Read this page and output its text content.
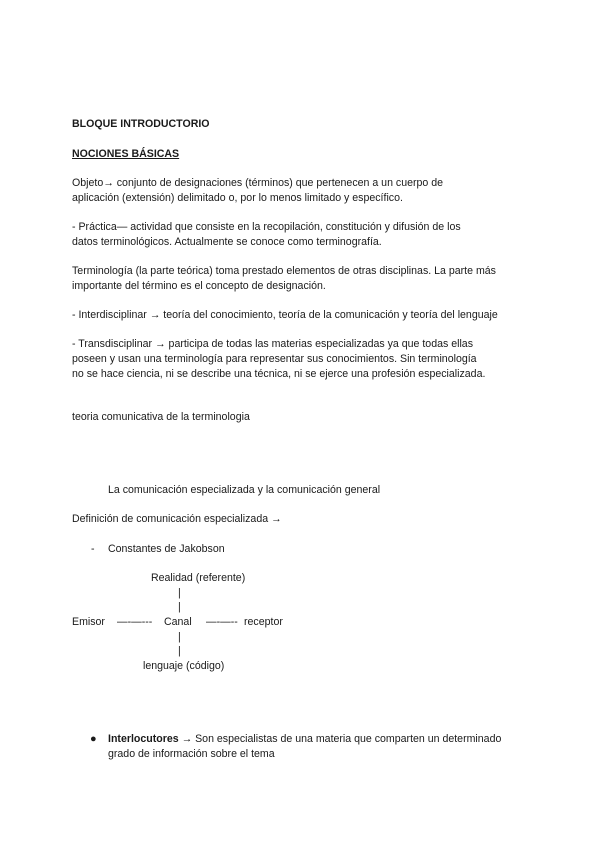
BLOQUE INTRODUCTORIO

NOCIONES BÁSICAS

Objeto→ conjunto de designaciones (términos) que pertenecen a un cuerpo de

aplicación (extensión) delimitado o, por lo menos limitado y específico.

- Práctica— actividad que consiste en la recopilación, constitución y difusión de los

datos terminológicos. Actualmente se conoce como terminografía.

Terminología (la parte teórica) toma prestado elementos de otras disciplinas. La parte más

importante del término es el concepto de designación.

- Interdisciplinar → teoría del conocimiento, teoría de la comunicación y teoría del lenguaje

- Transdisciplinar → participa de todas las materias especializadas ya que todas ellas

poseen y usan una terminología para representar sus conocimientos. Sin terminología

no se hace ciencia, ni se describe una técnica, ni se ejerce una profesión especializada.

teoria comunicativa de la terminologia

La comunicación especializada y la comunicación general

Definición de comunicación especializada →

- Constantes de Jakobson
Realidad (referente)
|
|
Emisor —-—--- Canal —-—-- receptor
|
|
lenguaje (código)
● Interlocutores → Son especialistas de una materia que comparten un determinado

grado de información sobre el tema
